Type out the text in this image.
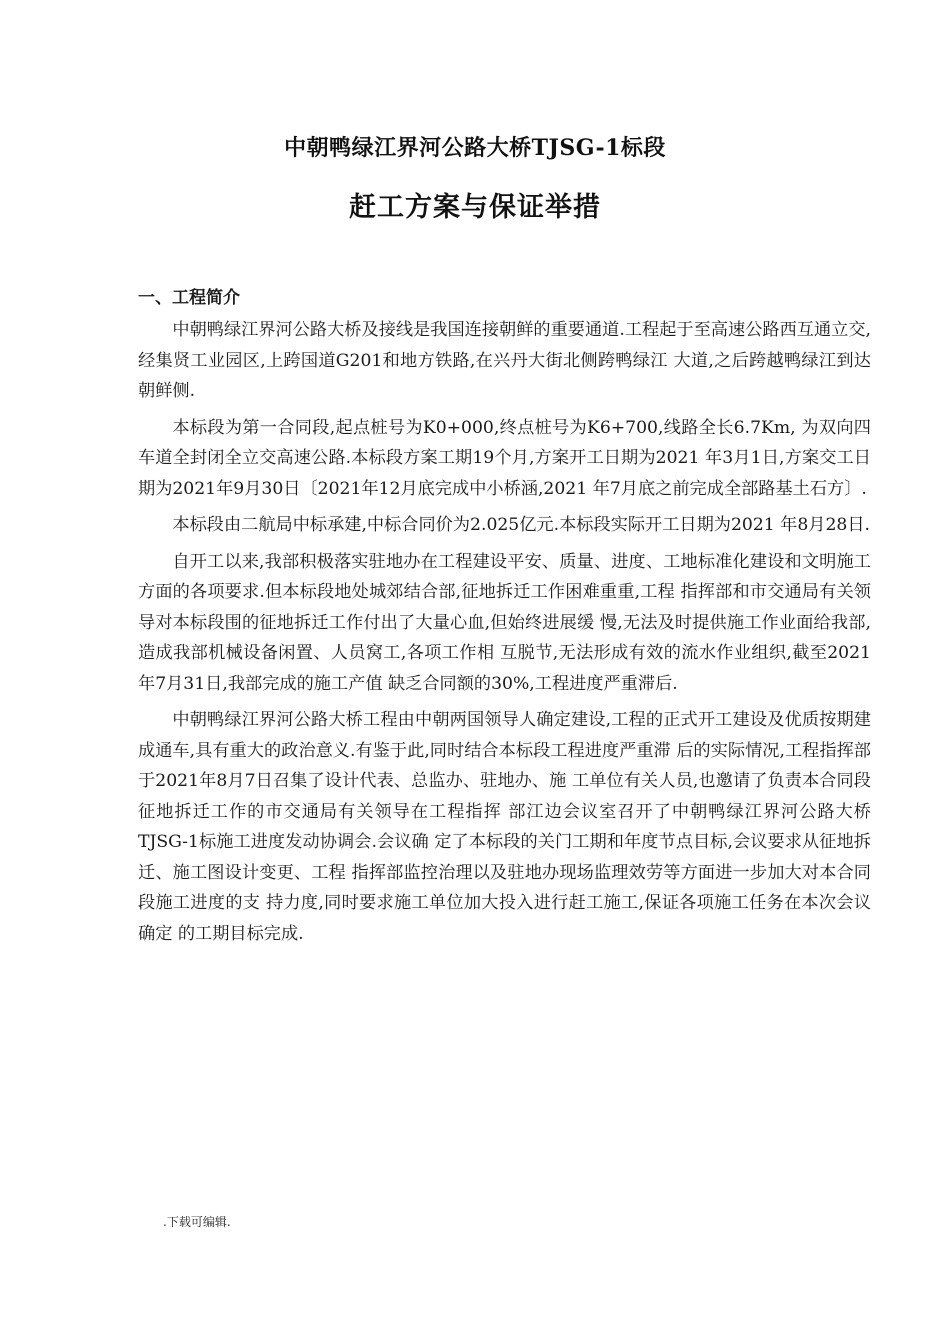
中朝鸭绿江界河公路大桥TJSG-1标段
赶工方案与保证举措
一、工程简介

中朝鸭绿江界河公路大桥及接线是我国连接朝鲜的重要通道.工程起于至高速公路西互通立交,经集贤工业园区,上跨国道G201和地方铁路,在兴丹大街北侧跨鸭绿江 大道,之后跨越鸭绿江到达朝鲜侧.

本标段为第一合同段,起点桩号为K0+000,终点桩号为K6+700,线路全长6.7Km, 为双向四车道全封闭全立交高速公路.本标段方案工期19个月,方案开工日期为2021 年3月1日,方案交工日期为2021年9月30日〔2021年12月底完成中小桥涵,2021 年7月底之前完成全部路基土石方〕.

本标段由二航局中标承建,中标合同价为2.025亿元.本标段实际开工日期为2021 年8月28日.

自开工以来,我部积极落实驻地办在工程建设平安、质量、进度、工地标准化建设和文明施工方面的各项要求.但本标段地处城郊结合部,征地拆迁工作困难重重,工程 指挥部和市交通局有关领导对本标段围的征地拆迁工作付出了大量心血,但始终进展缓 慢,无法及时提供施工作业面给我部,造成我部机械设备闲置、人员窝工,各项工作相 互脱节,无法形成有效的流水作业组织,截至2021年7月31日,我部完成的施工产值 缺乏合同额的30%,工程进度严重滞后.

中朝鸭绿江界河公路大桥工程由中朝两国领导人确定建设,工程的正式开工建设及优质按期建成通车,具有重大的政治意义.有鉴于此,同时结合本标段工程进度严重滞 后的实际情况,工程指挥部于2021年8月7日召集了设计代表、总监办、驻地办、施 工单位有关人员,也邀请了负责本合同段征地拆迁工作的市交通局有关领导在工程指挥 部江边会议室召开了中朝鸭绿江界河公路大桥TJSG-1标施工进度发动协调会.会议确 定了本标段的关门工期和年度节点目标,会议要求从征地拆迁、施工图设计变更、工程 指挥部监控治理以及驻地办现场监理效劳等方面进一步加大对本合同段施工进度的支 持力度,同时要求施工单位加大投入进行赶工施工,保证各项施工任务在本次会议确定 的工期目标完成.

.下载可编辑.
